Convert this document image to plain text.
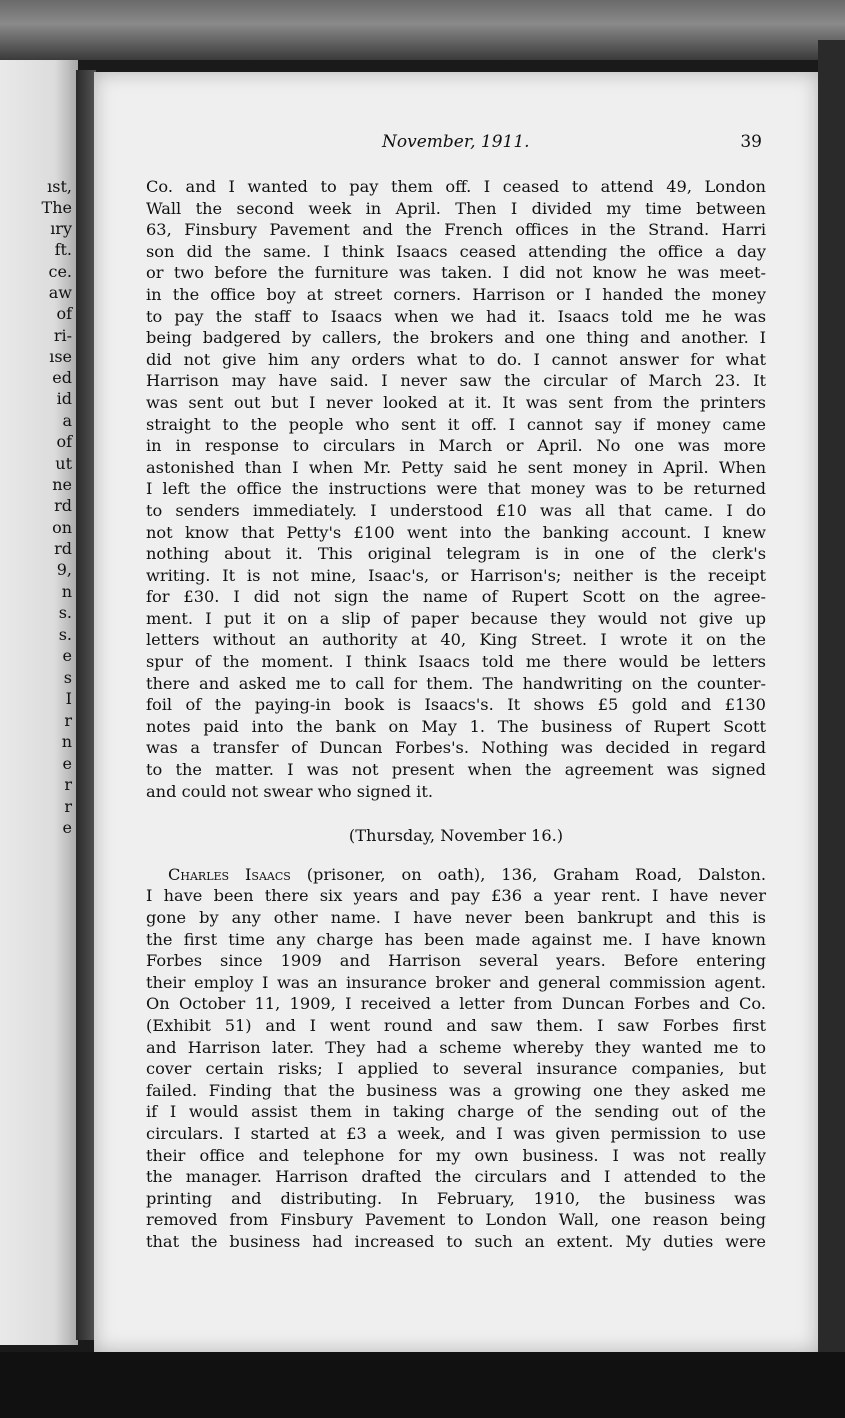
ıst,
The
ıry
ft.
ce.
aw
of
ri-
ıse
ed
id
a
of
ut
ne
rd
on
rd
9,
n
s.
s.
e
s
I
r
n
e
r
r
e
November, 1911.	39
Co. and I wanted to pay them off. I ceased to attend 49, London
Wall the second week in April. Then I divided my time between
63, Finsbury Pavement and the French offices in the Strand. Harri
son did the same. I think Isaacs ceased attending the office a day
or two before the furniture was taken. I did not know he was meet-
in the office boy at street corners. Harrison or I handed the money
to pay the staff to Isaacs when we had it. Isaacs told me he was
being badgered by callers, the brokers and one thing and another. I
did not give him any orders what to do. I cannot answer for what
Harrison may have said. I never saw the circular of March 23. It
was sent out but I never looked at it. It was sent from the printers
straight to the people who sent it off. I cannot say if money came
in in response to circulars in March or April. No one was more
astonished than I when Mr. Petty said he sent money in April. When
I left the office the instructions were that money was to be returned
to senders immediately. I understood £10 was all that came. I do
not know that Petty's £100 went into the banking account. I knew
nothing about it. This original telegram is in one of the clerk's
writing. It is not mine, Isaac's, or Harrison's; neither is the receipt
for £30. I did not sign the name of Rupert Scott on the agree-
ment. I put it on a slip of paper because they would not give up
letters without an authority at 40, King Street. I wrote it on the
spur of the moment. I think Isaacs told me there would be letters
there and asked me to call for them. The handwriting on the counter-
foil of the paying-in book is Isaacs's. It shows £5 gold and £130
notes paid into the bank on May 1. The business of Rupert Scott
was a transfer of Duncan Forbes's. Nothing was decided in regard
to the matter. I was not present when the agreement was signed
and could not swear who signed it.
(Thursday, November 16.)
Charles Isaacs (prisoner, on oath), 136, Graham Road, Dalston.
I have been there six years and pay £36 a year rent. I have never
gone by any other name. I have never been bankrupt and this is
the first time any charge has been made against me. I have known
Forbes since 1909 and Harrison several years. Before entering
their employ I was an insurance broker and general commission agent.
On October 11, 1909, I received a letter from Duncan Forbes and Co.
(Exhibit 51) and I went round and saw them. I saw Forbes first
and Harrison later. They had a scheme whereby they wanted me to
cover certain risks; I applied to several insurance companies, but
failed. Finding that the business was a growing one they asked me
if I would assist them in taking charge of the sending out of the
circulars. I started at £3 a week, and I was given permission to use
their office and telephone for my own business. I was not really
the manager. Harrison drafted the circulars and I attended to the
printing and distributing. In February, 1910, the business was
removed from Finsbury Pavement to London Wall, one reason being
that the business had increased to such an extent. My duties were
